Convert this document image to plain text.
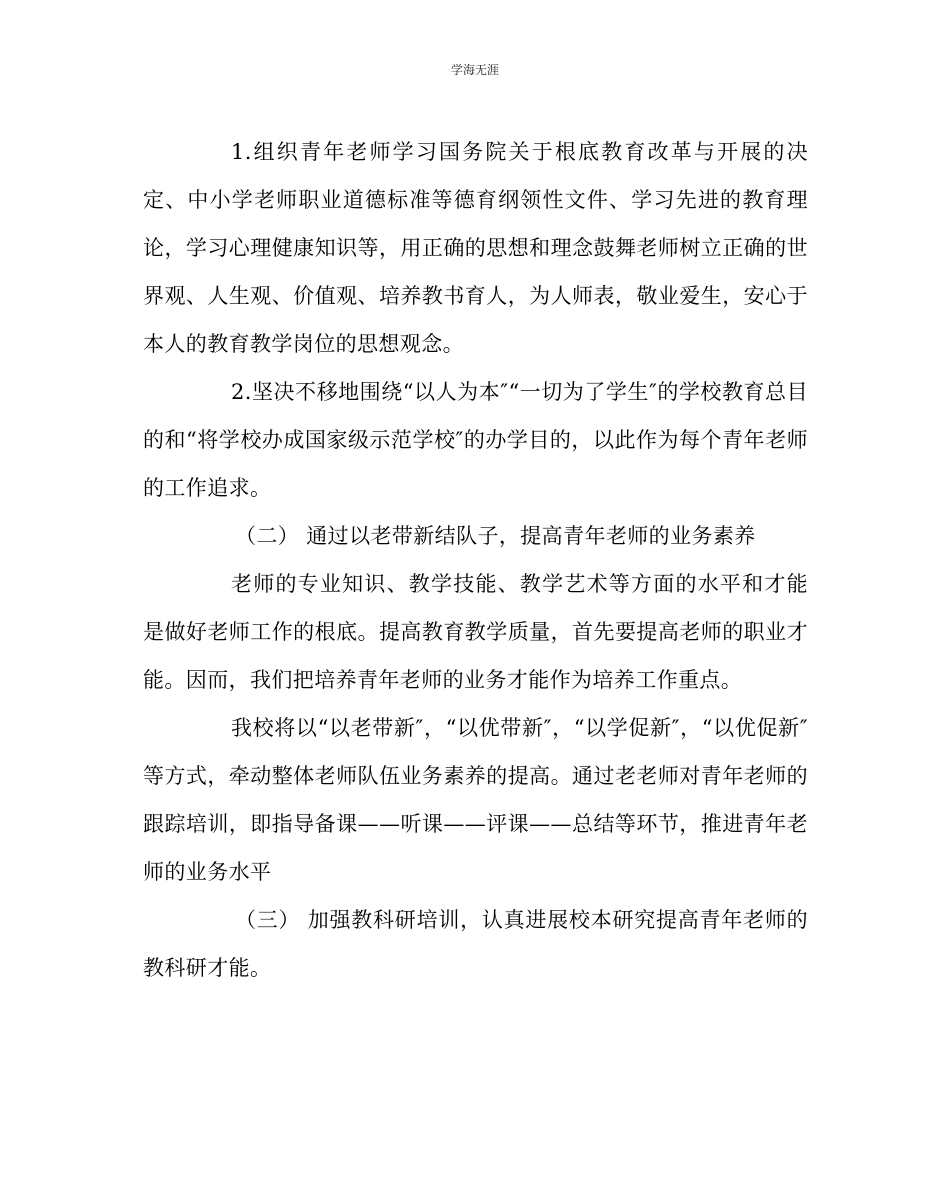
学海无涯

1.组织青年老师学习国务院关于根底教育改革与开展的决定、中小学老师职业道德标准等德育纲领性文件、学习先进的教育理论，学习心理健康知识等，用正确的思想和理念鼓舞老师树立正确的世界观、人生观、价值观、培养教书育人，为人师表，敬业爱生，安心于本人的教育教学岗位的思想观念。

2.坚决不移地围绕“以人为本″“一切为了学生″的学校教育总目的和“将学校办成国家级示范学校″的办学目的，以此作为每个青年老师的工作追求。

（二） 通过以老带新结队子，提高青年老师的业务素养

老师的专业知识、教学技能、教学艺术等方面的水平和才能是做好老师工作的根底。提高教育教学质量，首先要提高老师的职业才能。因而，我们把培养青年老师的业务才能作为培养工作重点。

我校将以“以老带新″，“以优带新″，“以学促新″，“以优促新″等方式，牵动整体老师队伍业务素养的提高。通过老老师对青年老师的跟踪培训，即指导备课——听课——评课——总结等环节，推进青年老师的业务水平

（三） 加强教科研培训，认真进展校本研究提高青年老师的教科研才能。
